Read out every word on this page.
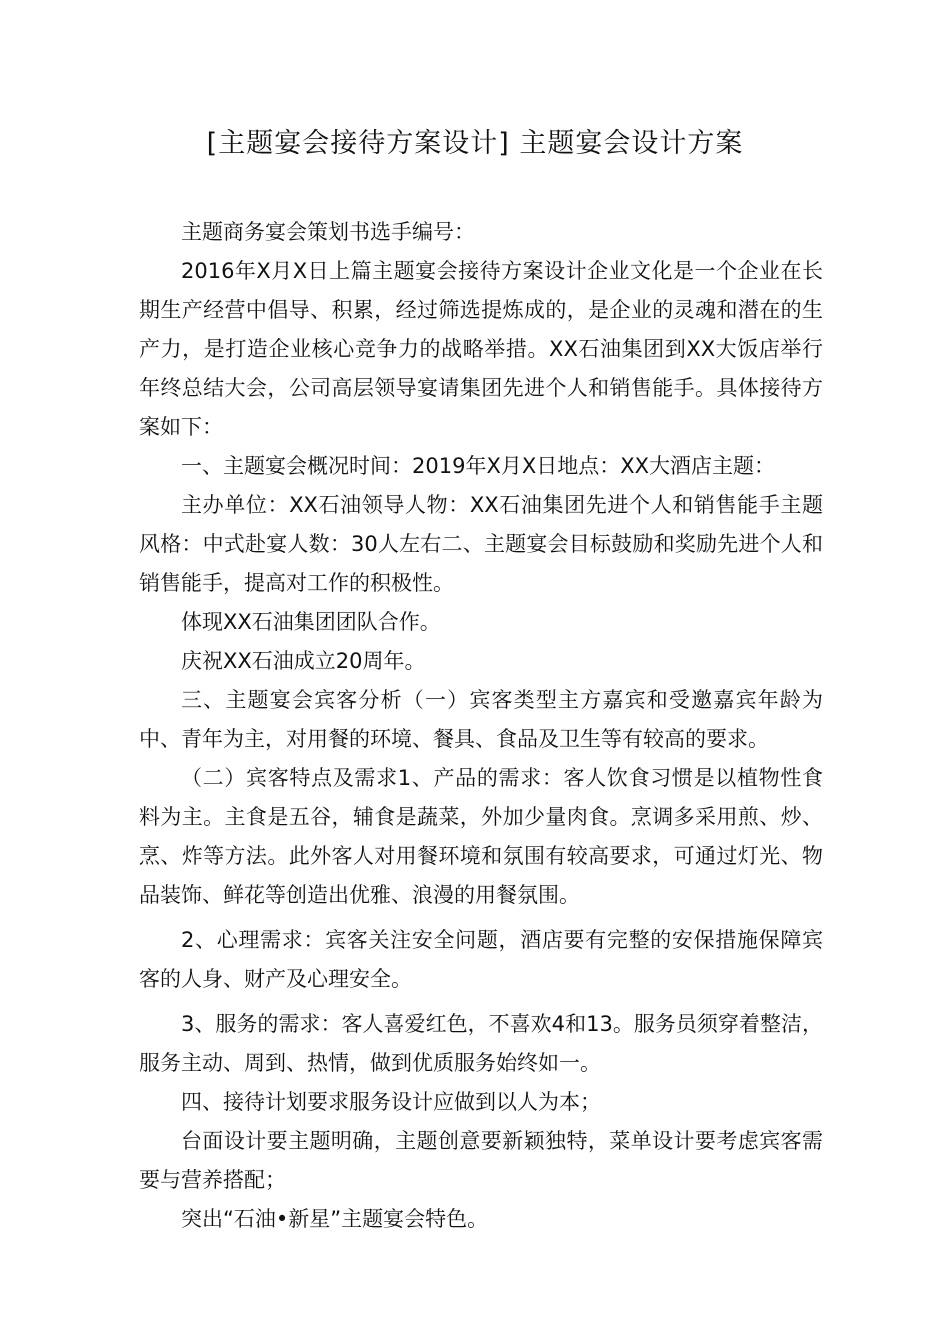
[主题宴会接待方案设计] 主题宴会设计方案

主题商务宴会策划书选手编号：

2016年X月X日上篇主题宴会接待方案设计企业文化是一个企业在长期生产经营中倡导、积累，经过筛选提炼成的，是企业的灵魂和潜在的生产力，是打造企业核心竞争力的战略举措。XX石油集团到XX大饭店举行年终总结大会，公司高层领导宴请集团先进个人和销售能手。具体接待方案如下：

一、主题宴会概况时间：2019年X月X日地点：XX大酒店主题：

主办单位：XX石油领导人物：XX石油集团先进个人和销售能手主题风格：中式赴宴人数：30人左右二、主题宴会目标鼓励和奖励先进个人和销售能手，提高对工作的积极性。

体现XX石油集团团队合作。

庆祝XX石油成立20周年。

三、主题宴会宾客分析（一）宾客类型主方嘉宾和受邀嘉宾年龄为中、青年为主，对用餐的环境、餐具、食品及卫生等有较高的要求。

（二）宾客特点及需求1、产品的需求：客人饮食习惯是以植物性食料为主。主食是五谷，辅食是蔬菜，外加少量肉食。烹调多采用煎、炒、烹、炸等方法。此外客人对用餐环境和氛围有较高要求，可通过灯光、物品装饰、鲜花等创造出优雅、浪漫的用餐氛围。

2、心理需求：宾客关注安全问题，酒店要有完整的安保措施保障宾客的人身、财产及心理安全。

3、服务的需求：客人喜爱红色，不喜欢4和13。服务员须穿着整洁，服务主动、周到、热情，做到优质服务始终如一。

四、接待计划要求服务设计应做到以人为本；

台面设计要主题明确，主题创意要新颖独特，菜单设计要考虑宾客需要与营养搭配；

突出“石油•新星”主题宴会特色。
